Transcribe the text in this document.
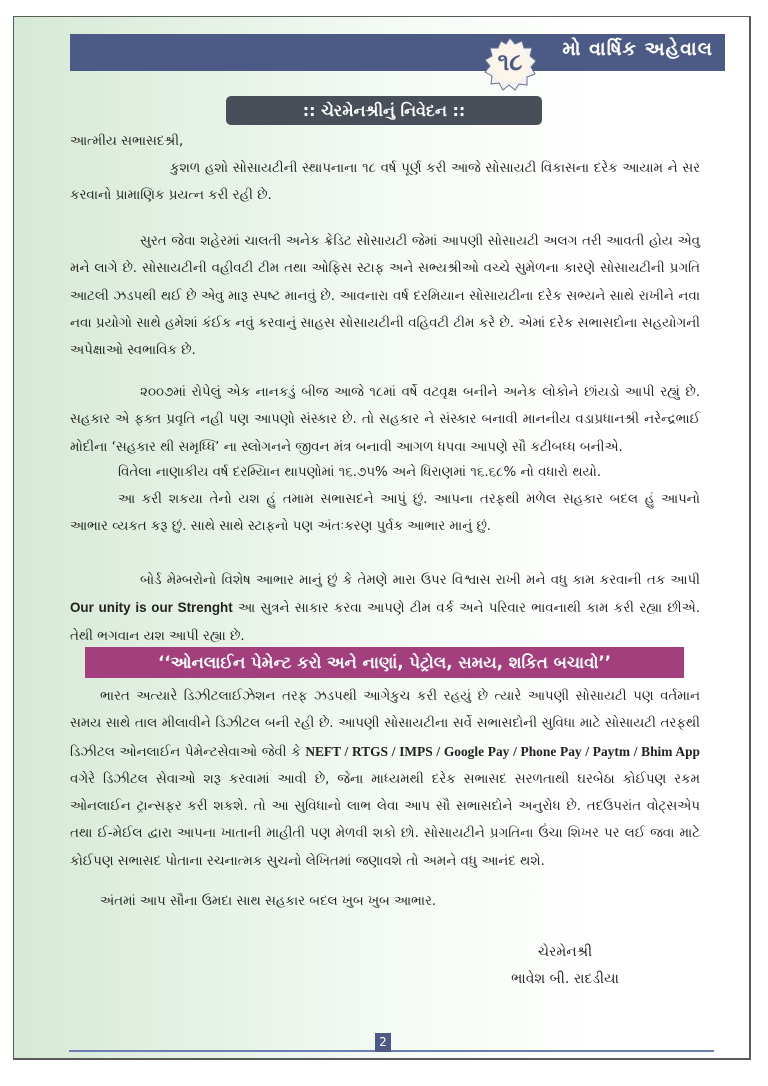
મો વાર્ષિક અહેવાલ
૧૮
:: ચેરમેનશ્રીનું નિવેદન ::
આત્મીય સભાસદશ્રી,
કુશળ હશો સોસાયટીની સ્થાપનાના ૧૮ વર્ષ પૂર્ણ કરી આજે સોસાયટી વિકાસના દરેક આયામ ને સર કરવાનો પ્રામાણિક પ્રયત્ન કરી રહી છે.
સુરત જેવા શહેરમાં ચાલતી અનેક ક્રેડિટ સોસાયટી જેમાં આપણી સોસાયટી અલગ તરી આવતી હોય એવુ મને લાગે છે. સોસાયટીની વહીવટી ટીમ તથા ઓફિસ સ્ટાફ અને સભ્યશ્રીઓ વચ્ચે સુમેળના કારણે સોસાયટીની પ્રગતિ આટલી ઝડપથી થઈ છે એવુ મારૂ સ્પષ્ટ માનવું છે. આવનારા વર્ષ દરમિયાન સોસાયટીના દરેક સભ્યને સાથે રાખીને નવા નવા પ્રયોગો સાથે હમેશાં કંઈક નવું કરવાનું સાહસ સોસાયટીની વહિવટી ટીમ કરે છે. એમાં દરેક સભાસદોના સહયોગની અપેક્ષાઓ સ્વભાવિક છે.
૨૦૦૭માં રોપેલું એક નાનકડું બીજ આજે ૧૮માં વર્ષે વટવૃક્ષ બનીને અનેક લોકોને છાંયડો આપી રહ્યું છે. સહકાર એ ફક્ત પ્રવૃતિ નહી પણ આપણો સંસ્કાર છે. તો સહકાર ને સંસ્કાર બનાવી માનનીય વડાપ્રધાનશ્રી નરેન્દ્રભાઈ મોદીના ‘સહકાર થી સમૃધ્ધિ’ ના સ્લોગનને જીવન મંત્ર બનાવી આગળ ધપવા આપણે સૌ કટીબધ્ધ બનીએ.
વિતેલા નાણાકીય વર્ષ દરમ્યિાન થાપણોમાં ૧૬.૭૫% અને ધિરાણમાં ૧૬.૬૮% નો વધારો થયો.
આ કરી શકયા તેનો યશ હું તમામ સભાસદને આપું છું. આપના તરફથી મળેલ સહકાર બદલ હું આપનો આભાર વ્યકત કરૂ છું. સાથે સાથે સ્ટાફનો પણ અંતઃકરણ પુર્વક આભાર માનું છું.
બોર્ડ મેમ્બરોનો વિશેષ આભાર માનું છું કે તેમણે મારા ઉપર વિશ્વાસ રાખી મને વધુ કામ કરવાની તક આપી Our unity is our Strenght આ સુત્રને સાકાર કરવા આપણે ટીમ વર્ક અને પરિવાર ભાવનાથી કામ કરી રહ્યા છીએ. તેથી ભગવાન યશ આપી રહ્યા છે.
‘‘ઓનલાઈન પેમેન્ટ કરો અને નાણાં, પેટ્રોલ, સમય, શકિત બચાવો’’
ભારત અત્યારે ડિઝીટલાઈઝેશન તરફ ઝડપથી આગેકુચ કરી રહયું છે ત્યારે આપણી સોસાયટી પણ વર્તમાન સમય સાથે તાલ મીલાવીને ડિઝીટલ બની રહી છે. આપણી સોસાયટીના સર્વે સભાસદોની સુવિધા માટે સોસાયટી તરફથી ડિઝીટલ ઓનલાઈન પેમેન્ટસેવાઓ જેવી કે NEFT / RTGS / IMPS / Google Pay / Phone Pay / Paytm / Bhim App વગેરે ડિઝીટલ સેવાઓ શરૂ કરવામાં આવી છે, જેના માધ્યમથી દરેક સભાસદ સરળતાથી ઘરબેઠા કોઈપણ રકમ ઓનલાઈન ટ્રાન્સફર કરી શકશે. તો આ સુવિધાનો લાભ લેવા આપ સૌ સભાસદોને અનુરોધ છે. તદઉપરાંત વોટ્સએપ તથા ઈ-મેઈલ દ્વારા આપના ખાતાની માહીતી પણ મેળવી શકો છો. સોસાયટીને પ્રગતિના ઉંચા શિખર પર લઈ જવા માટે કોઈપણ સભાસદ પોતાના રચનાત્મક સુચનો લેખિતમાં જણાવશે તો અમને વધુ આનંદ થશે.
અંતમાં આપ સૌના ઉમદા સાથ સહકાર બદલ ખુબ ખુબ આભાર.
ચેરમેનશ્રી
ભાવેશ બી. રાદડીયા
2
